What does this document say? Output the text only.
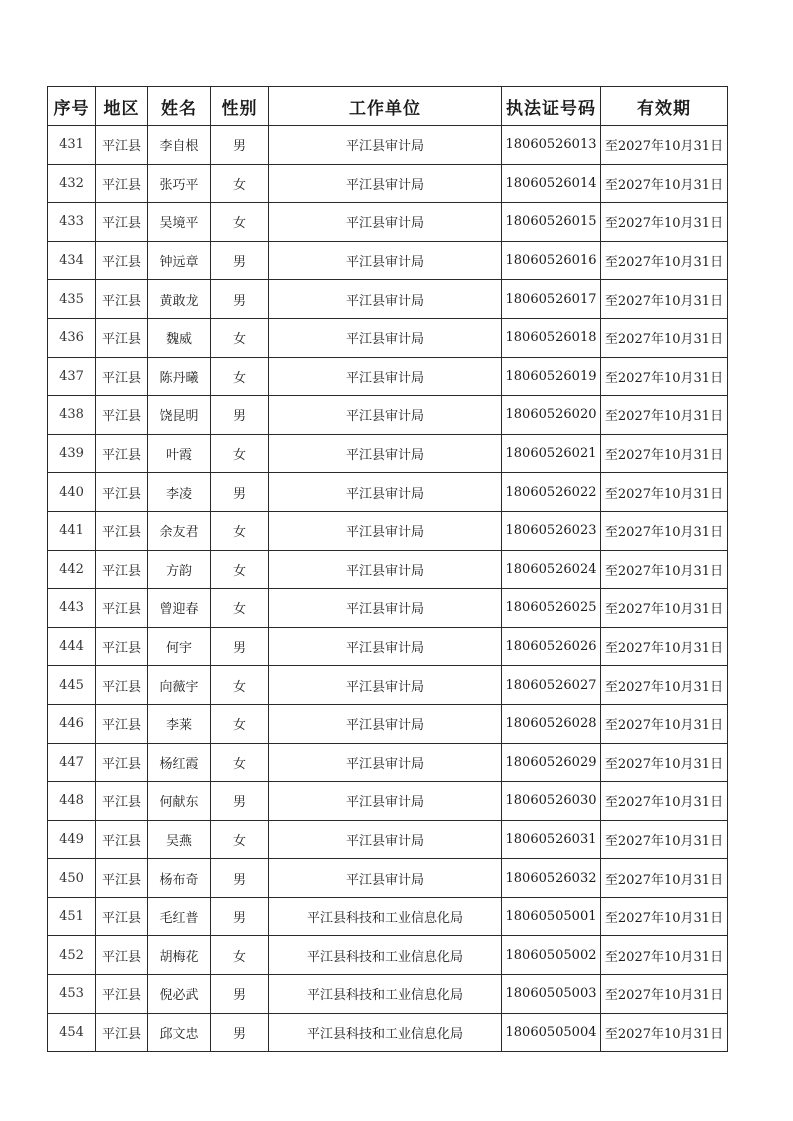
序号	地区	姓名	性别	工作单位	执法证号码	有效期
431	平江县	李自根	男	平江县审计局	18060526013	至2027年10月31日
432	平江县	张巧平	女	平江县审计局	18060526014	至2027年10月31日
433	平江县	吴境平	女	平江县审计局	18060526015	至2027年10月31日
434	平江县	钟远章	男	平江县审计局	18060526016	至2027年10月31日
435	平江县	黄敢龙	男	平江县审计局	18060526017	至2027年10月31日
436	平江县	魏威	女	平江县审计局	18060526018	至2027年10月31日
437	平江县	陈丹曦	女	平江县审计局	18060526019	至2027年10月31日
438	平江县	饶昆明	男	平江县审计局	18060526020	至2027年10月31日
439	平江县	叶霞	女	平江县审计局	18060526021	至2027年10月31日
440	平江县	李凌	男	平江县审计局	18060526022	至2027年10月31日
441	平江县	余友君	女	平江县审计局	18060526023	至2027年10月31日
442	平江县	方韵	女	平江县审计局	18060526024	至2027年10月31日
443	平江县	曾迎春	女	平江县审计局	18060526025	至2027年10月31日
444	平江县	何宇	男	平江县审计局	18060526026	至2027年10月31日
445	平江县	向薇宇	女	平江县审计局	18060526027	至2027年10月31日
446	平江县	李莱	女	平江县审计局	18060526028	至2027年10月31日
447	平江县	杨红霞	女	平江县审计局	18060526029	至2027年10月31日
448	平江县	何献东	男	平江县审计局	18060526030	至2027年10月31日
449	平江县	吴燕	女	平江县审计局	18060526031	至2027年10月31日
450	平江县	杨布奇	男	平江县审计局	18060526032	至2027年10月31日
451	平江县	毛红普	男	平江县科技和工业信息化局	18060505001	至2027年10月31日
452	平江县	胡梅花	女	平江县科技和工业信息化局	18060505002	至2027年10月31日
453	平江县	倪必武	男	平江县科技和工业信息化局	18060505003	至2027年10月31日
454	平江县	邱文忠	男	平江县科技和工业信息化局	18060505004	至2027年10月31日
